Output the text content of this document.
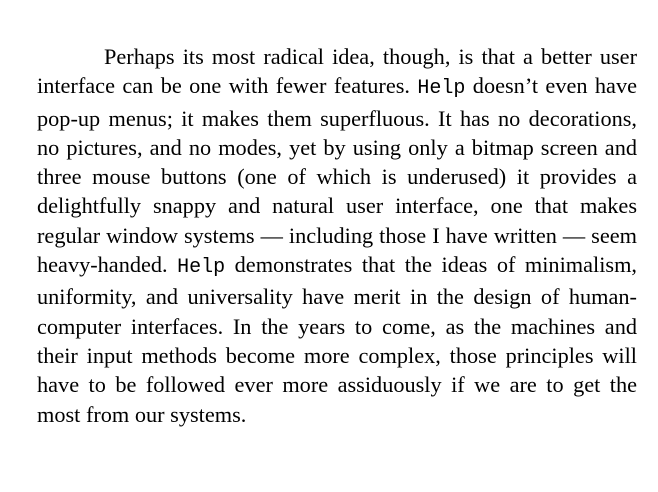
Perhaps its most radical idea, though, is that a better user interface can be one with fewer features. Help doesn’t even have pop-up menus; it makes them superfluous. It has no decorations, no pictures, and no modes, yet by using only a bitmap screen and three mouse buttons (one of which is underused) it provides a delightfully snappy and natural user interface, one that makes regular window systems — including those I have written — seem heavy-handed. Help demonstrates that the ideas of minimalism, uniformity, and universality have merit in the design of human-computer interfaces. In the years to come, as the machines and their input methods become more complex, those principles will have to be followed ever more assiduously if we are to get the most from our systems.
